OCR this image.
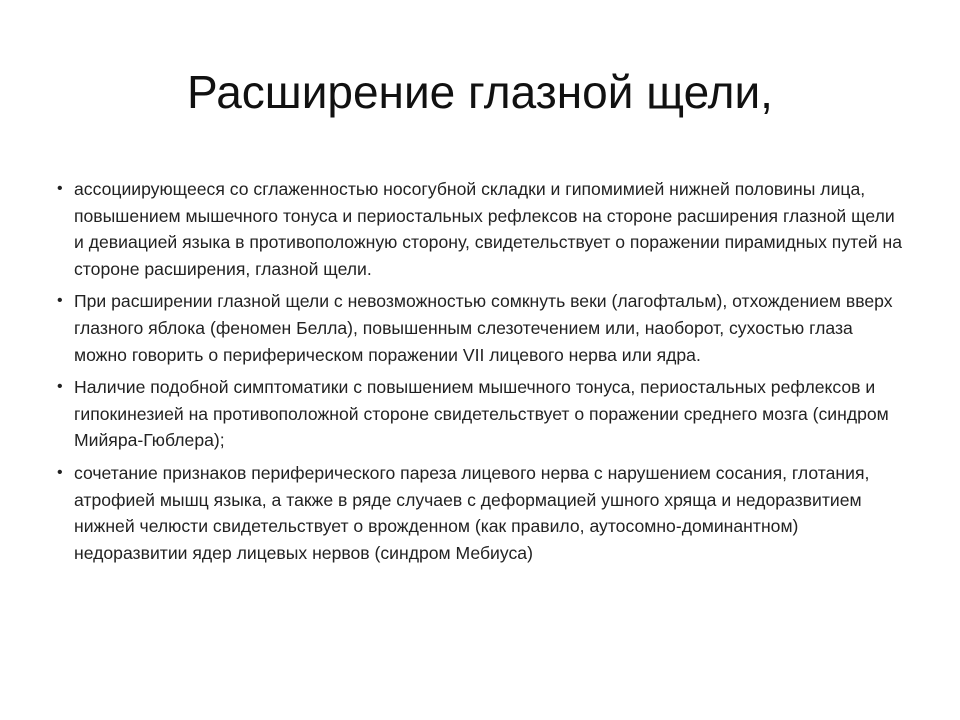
Расширение глазной щели,
• ассоциирующееся со сглаженностью носогубной складки и гипомимией нижней половины лица, повышением мышечного тонуса и периостальных рефлексов на стороне расширения глазной щели и девиацией языка в противоположную сторону, свидетельствует о поражении пирамидных путей на стороне расширения, глазной щели.
• При расширении глазной щели с невозможностью сомкнуть веки (лагофтальм), отхождением вверх глазного яблока (феномен Белла), повышенным слезотечением или, наоборот, сухостью глаза можно говорить о периферическом поражении VII лицевого нерва или ядра.
• Наличие подобной симптоматики с повышением мышечного тонуса, периостальных рефлексов и гипокинезией на противоположной стороне свидетельствует о поражении среднего мозга (синдром Мийяра-Гюблера);
• сочетание признаков периферического пареза лицевого нерва с нарушением сосания, глотания, атрофией мышц языка, а также в ряде случаев с деформацией ушного хряща и недоразвитием нижней челюсти свидетельствует о врожденном (как правило, аутосомно-доминантном) недоразвитии ядер лицевых нервов (синдром Мебиуса)
